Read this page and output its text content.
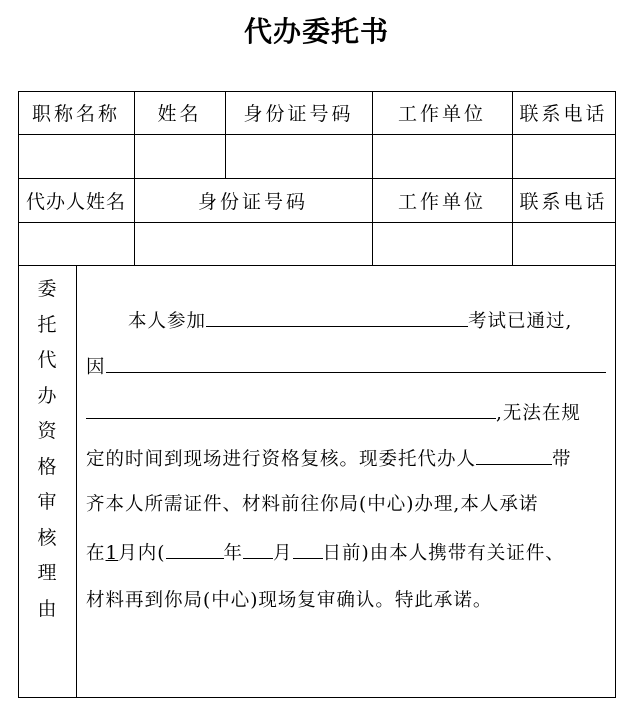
代办委托书
职称名称	姓名	身份证号码	工作单位	联系电话
代办人姓名	身份证号码	工作单位	联系电话
委
托
代
办
资
格
审
核
理
由
本人参加	考试已通过,
因
,无法在规
定的时间到现场进行资格复核。现委托代办人	带
齐本人所需证件、材料前往你局(中心)办理,本人承诺
在1月内(	年 月 日前)由本人携带有关证件、
材料再到你局(中心)现场复审确认。特此承诺。
